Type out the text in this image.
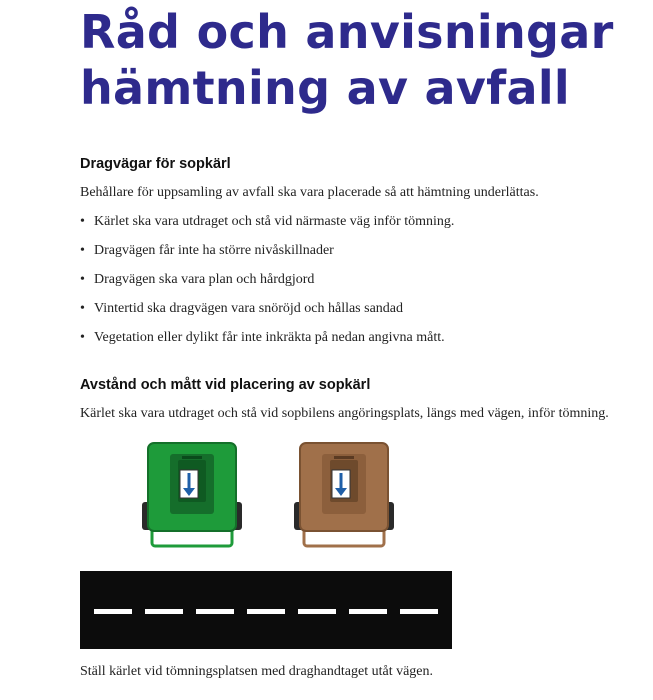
Råd och anvisningar
hämtning av avfall
Dragvägar för sopkärl
Behållare för uppsamling av avfall ska vara placerade så att hämtning underlättas.
• Kärlet ska vara utdraget och stå vid närmaste väg inför tömning.
• Dragvägen får inte ha större nivåskillnader
• Dragvägen ska vara plan och hårdgjord
• Vintertid ska dragvägen vara snöröjd och hållas sandad
• Vegetation eller dylikt får inte inkräkta på nedan angivna mått.
Avstånd och mått vid placering av sopkärl
Kärlet ska vara utdraget och stå vid sopbilens angöringsplats, längs med vägen, inför tömning.
Ställ kärlet vid tömningsplatsen med draghandtaget utåt vägen.
